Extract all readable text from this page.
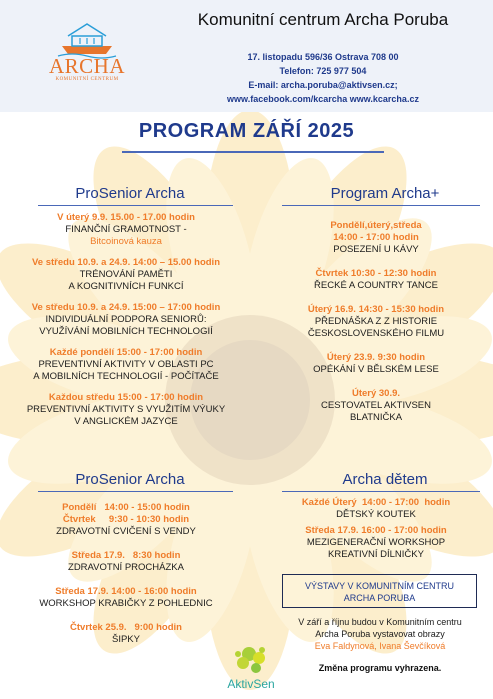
ARCHA
KOMUNITNÍ CENTRUM
Komunitní centrum Archa Poruba
17. listopadu 596/36 Ostrava 708 00
Telefon: 725 977 504
E-mail: archa.poruba@aktivsen.cz;
www.facebook.com/kcarcha www.kcarcha.cz
PROGRAM ZÁŘÍ 2025
ProSenior Archa
V úterý 9.9. 15.00 - 17.00 hodin
FINANČNÍ GRAMOTNOST -
Bitcoinová kauza
Ve středu 10.9. a 24.9. 14:00 – 15.00 hodin
TRÉNOVÁNÍ PAMĚTI
A KOGNITIVNÍCH FUNKCÍ
Ve středu 10.9. a 24.9. 15:00 – 17:00 hodin
INDIVIDUÁLNÍ PODPORA SENIORŮ:
VYUŽÍVÁNÍ MOBILNÍCH TECHNOLOGIÍ
Každé pondělí 15:00 - 17:00 hodin
PREVENTIVNÍ AKTIVITY V OBLASTI PC
A MOBILNÍCH TECHNOLOGIÍ - POČÍTAČE
Každou středu 15:00 - 17:00 hodin
PREVENTIVNÍ AKTIVITY S VYUŽITÍM VÝUKY
V ANGLICKÉM JAZYCE
Program Archa+
Pondělí,úterý,středa
14:00 - 17:00 hodin
POSEZENÍ U KÁVY
Čtvrtek 10:30 - 12:30 hodin
ŘECKÉ A COUNTRY TANCE
Úterý 16.9. 14:30 - 15:30 hodin
PŘEDNÁŠKA Z Z HISTORIE
ČESKOSLOVENSKÉHO FILMU
Úterý 23.9. 9:30 hodin
OPÉKÁNÍ V BĚLSKÉM LESE
Úterý 30.9.
CESTOVATEL AKTIVSEN
BLATNIČKA
ProSenior Archa
Pondělí   14:00 - 15:00 hodin
Čtvrtek     9:30 - 10:30 hodin
ZDRAVOTNÍ CVIČENÍ S VENDY
Středa 17.9.   8:30 hodin
ZDRAVOTNÍ PROCHÁZKA
Středa 17.9. 14:00 - 16:00 hodin
WORKSHOP KRABIČKY Z POHLEDNIC
Čtvrtek 25.9.   9:00 hodin
ŠIPKY
Archa dětem
Každé Úterý  14:00 - 17:00  hodin
DĚTSKÝ KOUTEK
Středa 17.9. 16:00 - 17:00 hodin
MEZIGENERAČNÍ WORKSHOP
KREATIVNÍ DÍLNIČKY
VÝSTAVY V KOMUNITNÍM CENTRU
ARCHA PORUBA
V září a říjnu budou v Komunitním centru
Archa Poruba vystavovat obrazy
Eva Faldynová, Ivana Ševčíková
Změna programu vyhrazena.
AktivSen
